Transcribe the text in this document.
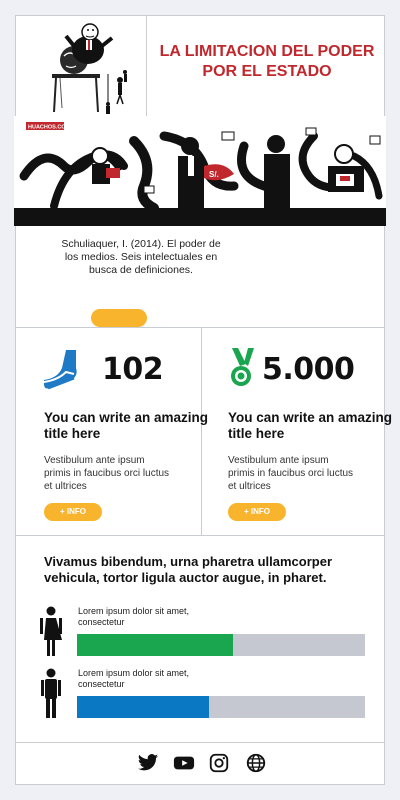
LA LIMITACION DEL PODER POR EL ESTADO
HUACHOS.COM
S/.
Schuliaquer, I. (2014). El poder de los medios. Seis intelectuales en busca de definiciones.
102
You can write an amazing title here
Vestibulum ante ipsum primis in faucibus orci luctus et ultrices
+ INFO
5.000
You can write an amazing title here
Vestibulum ante ipsum primis in faucibus orci luctus et ultrices
+ INFO
Vivamus bibendum, urna pharetra ullamcorper vehicula, tortor ligula auctor augue, in pharet.
Lorem ipsum dolor sit amet, consectetur
Lorem ipsum dolor sit amet, consectetur
